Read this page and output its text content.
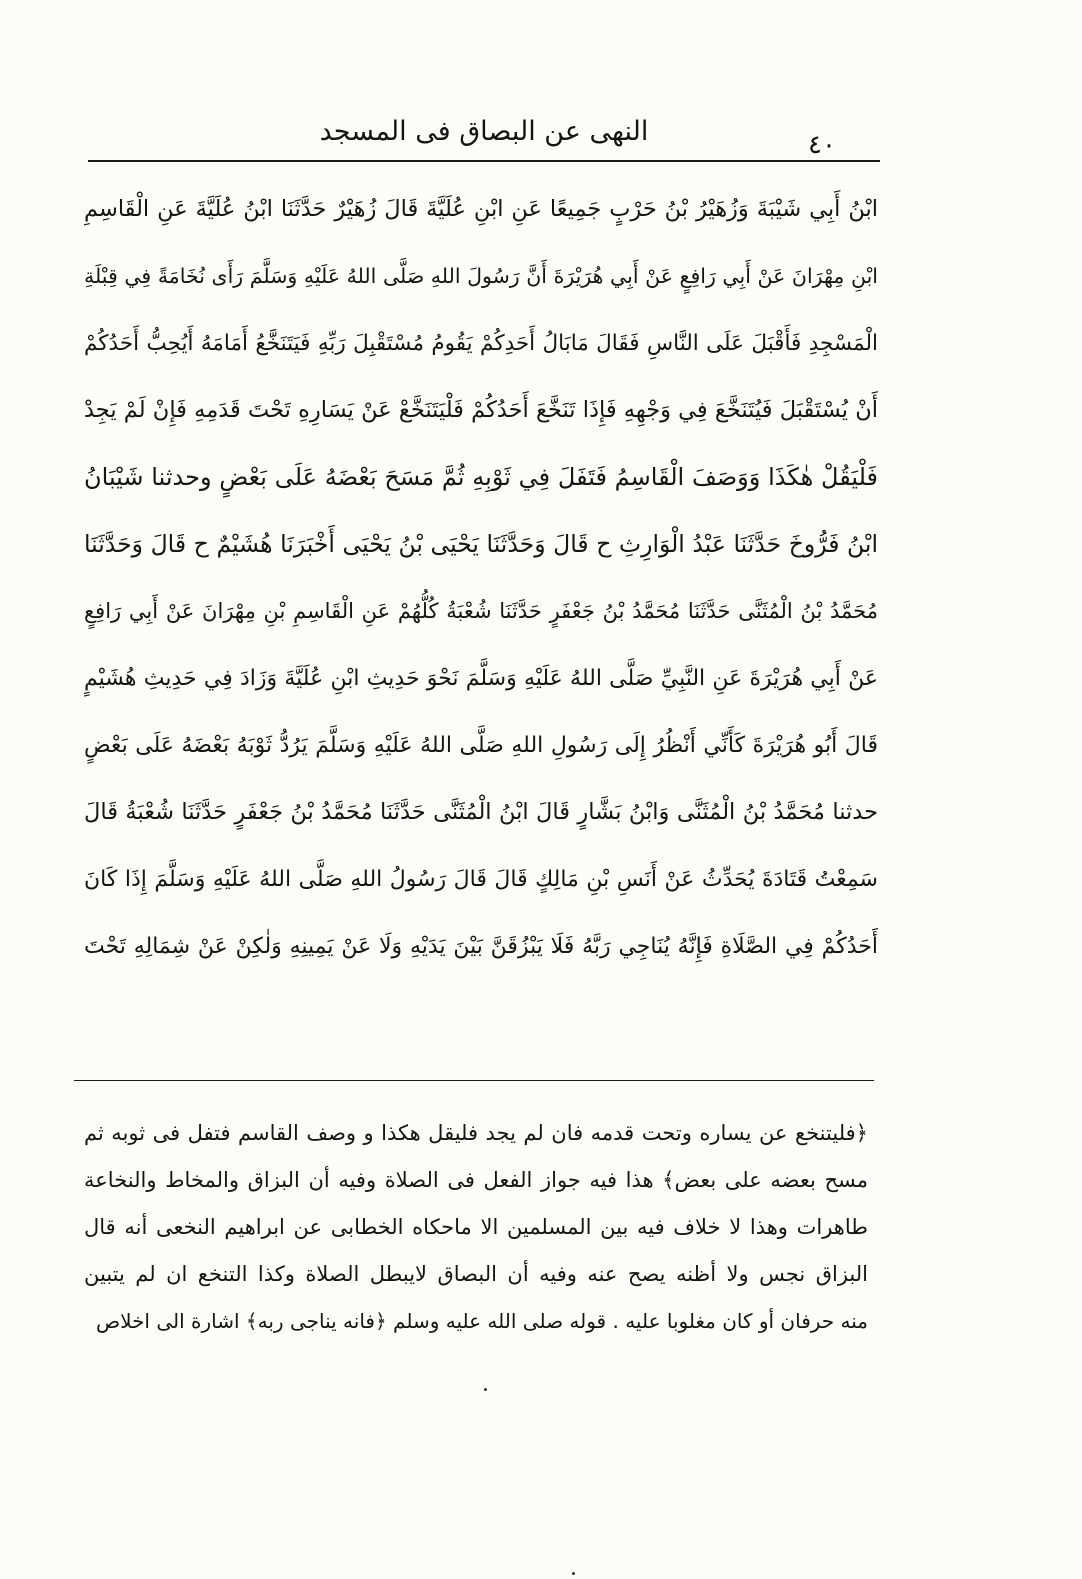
النهى عن البصاق فى المسجد	٤٠
ابْنُ أَبِي شَيْبَةَ وَزُهَيْرُ بْنُ حَرْبٍ جَمِيعًا عَنِ ابْنِ عُلَيَّةَ قَالَ زُهَيْرٌ حَدَّثَنَا ابْنُ عُلَيَّةَ عَنِ الْقَاسِمِ
ابْنِ مِهْرَانَ عَنْ أَبِي رَافِعٍ عَنْ أَبِي هُرَيْرَةَ أَنَّ رَسُولَ اللهِ صَلَّى اللهُ عَلَيْهِ وَسَلَّمَ رَأَى نُخَامَةً فِي قِبْلَةِ
الْمَسْجِدِ فَأَقْبَلَ عَلَى النَّاسِ فَقَالَ مَابَالُ أَحَدِكُمْ يَقُومُ مُسْتَقْبِلَ رَبِّهِ فَيَتَنَخَّعُ أَمَامَهُ أَيُحِبُّ أَحَدُكُمْ
أَنْ يُسْتَقْبَلَ فَيُتَنَخَّعَ فِي وَجْهِهِ فَإِذَا تَنَخَّعَ أَحَدُكُمْ فَلْيَتَنَخَّعْ عَنْ يَسَارِهِ تَحْتَ قَدَمِهِ فَإِنْ لَمْ يَجِدْ
فَلْيَقُلْ هٰكَذَا وَوَصَفَ الْقَاسِمُ فَتَفَلَ فِي ثَوْبِهِ ثُمَّ مَسَحَ بَعْضَهُ عَلَى بَعْضٍ وحدثنا شَيْبَانُ
ابْنُ فَرُّوخَ حَدَّثَنَا عَبْدُ الْوَارِثِ ح قَالَ وَحَدَّثَنَا يَحْيَى بْنُ يَحْيَى أَخْبَرَنَا هُشَيْمٌ ح قَالَ وَحَدَّثَنَا
مُحَمَّدُ بْنُ الْمُثَنَّى حَدَّثَنَا مُحَمَّدُ بْنُ جَعْفَرٍ حَدَّثَنَا شُعْبَةُ كُلُّهُمْ عَنِ الْقَاسِمِ بْنِ مِهْرَانَ عَنْ أَبِي رَافِعٍ
عَنْ أَبِي هُرَيْرَةَ عَنِ النَّبِيِّ صَلَّى اللهُ عَلَيْهِ وَسَلَّمَ نَحْوَ حَدِيثِ ابْنِ عُلَيَّةَ وَزَادَ فِي حَدِيثِ هُشَيْمٍ
قَالَ أَبُو هُرَيْرَةَ كَأَنِّي أَنْظُرُ إِلَى رَسُولِ اللهِ صَلَّى اللهُ عَلَيْهِ وَسَلَّمَ يَرُدُّ ثَوْبَهُ بَعْضَهُ عَلَى بَعْضٍ
حدثنا مُحَمَّدُ بْنُ الْمُثَنَّى وَابْنُ بَشَّارٍ قَالَ ابْنُ الْمُثَنَّى حَدَّثَنَا مُحَمَّدُ بْنُ جَعْفَرٍ حَدَّثَنَا شُعْبَةُ قَالَ
سَمِعْتُ قَتَادَةَ يُحَدِّثُ عَنْ أَنَسِ بْنِ مَالِكٍ قَالَ قَالَ رَسُولُ اللهِ صَلَّى اللهُ عَلَيْهِ وَسَلَّمَ إِذَا كَانَ
أَحَدُكُمْ فِي الصَّلَاةِ فَإِنَّهُ يُنَاجِي رَبَّهُ فَلَا يَبْزُقَنَّ بَيْنَ يَدَيْهِ وَلَا عَنْ يَمِينِهِ وَلٰكِنْ عَنْ شِمَالِهِ تَحْتَ
﴿فليتنخع عن يساره وتحت قدمه فان لم يجد فليقل هكذا و وصف القاسم فتفل فى ثوبه ثم
مسح بعضه على بعض﴾ هذا فيه جواز الفعل فى الصلاة وفيه أن البزاق والمخاط والنخاعة
طاهرات وهذا لا خلاف فيه بين المسلمين الا ماحكاه الخطابى عن ابراهيم النخعى أنه قال
البزاق نجس ولا أظنه يصح عنه وفيه أن البصاق لايبطل الصلاة وكذا التنخع ان لم يتبين
منه حرفان أو كان مغلوبا عليه . قوله صلى الله عليه وسلم ﴿فانه يناجى ربه﴾ اشارة الى اخلاص
